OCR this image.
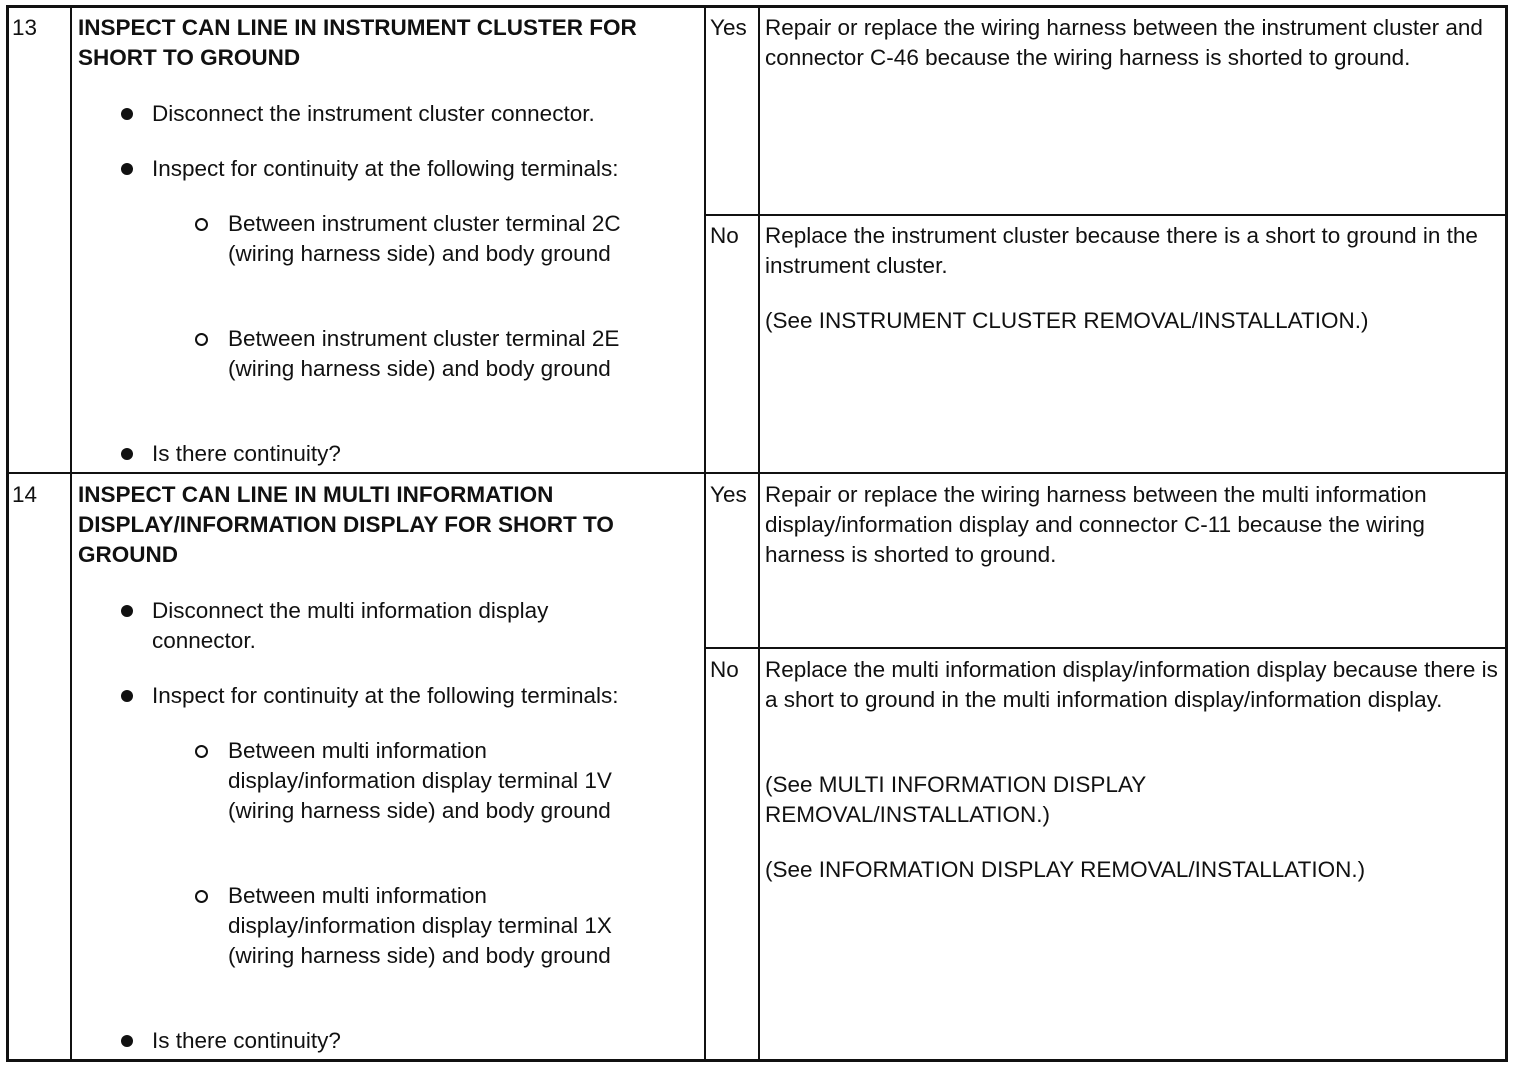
13 INSPECT CAN LINE IN INSTRUMENT CLUSTER FOR SHORT TO GROUND

Disconnect the instrument cluster connector.

Inspect for continuity at the following terminals:

Between instrument cluster terminal 2C (wiring harness side) and body ground

Between instrument cluster terminal 2E (wiring harness side) and body ground

Is there continuity?

Yes Repair or replace the wiring harness between the instrument cluster and connector C-46 because the wiring harness is shorted to ground.

No Replace the instrument cluster because there is a short to ground in the instrument cluster.

(See INSTRUMENT CLUSTER REMOVAL/INSTALLATION.)

14 INSPECT CAN LINE IN MULTI INFORMATION DISPLAY/INFORMATION DISPLAY FOR SHORT TO GROUND

Disconnect the multi information display connector.

Inspect for continuity at the following terminals:

Between multi information display/information display terminal 1V (wiring harness side) and body ground

Between multi information display/information display terminal 1X (wiring harness side) and body ground

Is there continuity?

Yes Repair or replace the wiring harness between the multi information display/information display and connector C-11 because the wiring harness is shorted to ground.

No Replace the multi information display/information display because there is a short to ground in the multi information display/information display.

(See MULTI INFORMATION DISPLAY REMOVAL/INSTALLATION.)

(See INFORMATION DISPLAY REMOVAL/INSTALLATION.)
